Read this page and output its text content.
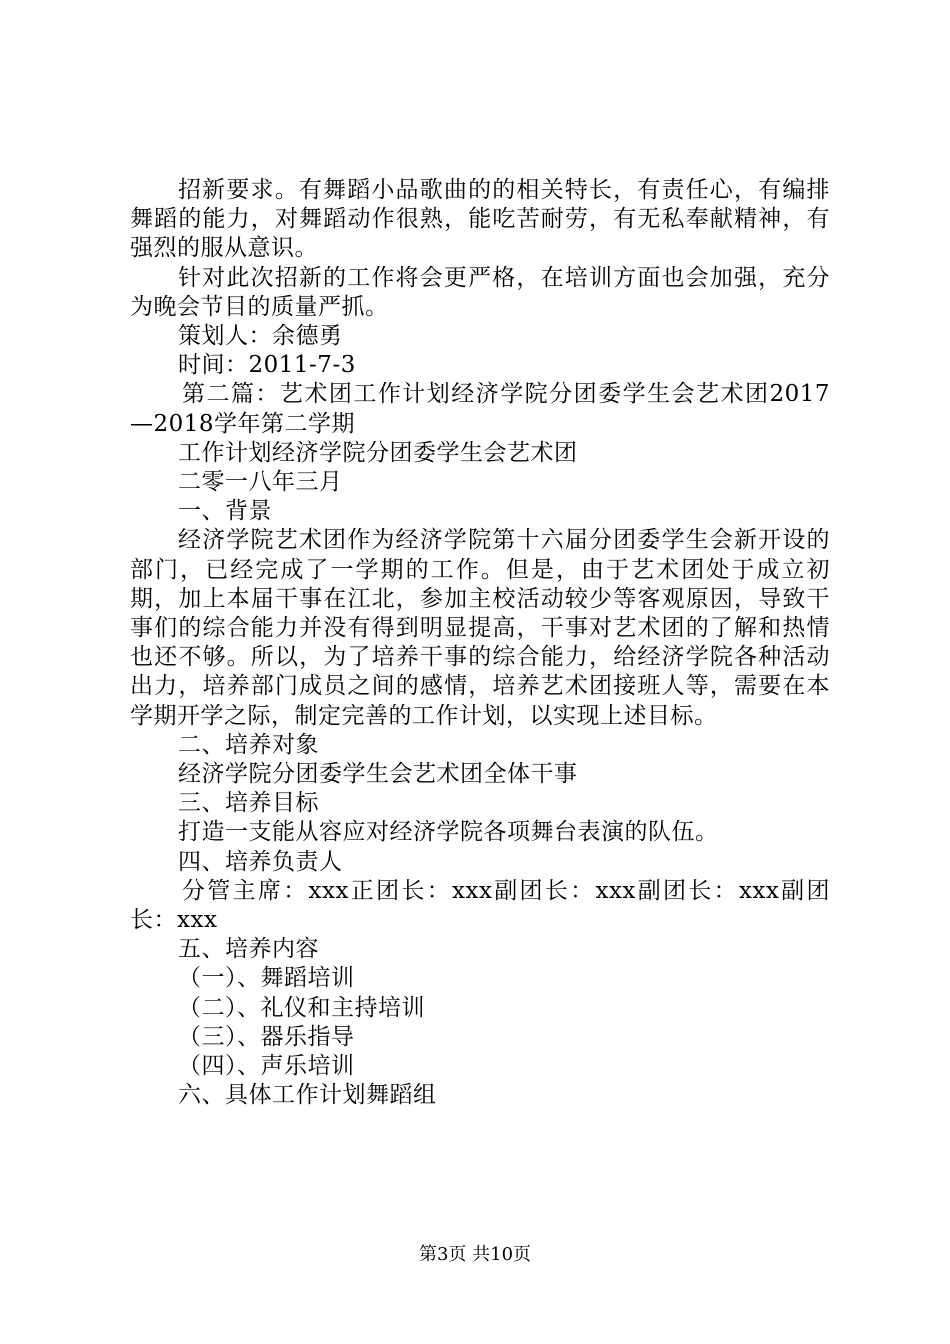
招新要求。有舞蹈小品歌曲的的相关特长，有责任心，有编排舞蹈的能力，对舞蹈动作很熟，能吃苦耐劳，有无私奉献精神，有强烈的服从意识。

针对此次招新的工作将会更严格，在培训方面也会加强，充分为晚会节目的质量严抓。

策划人：余德勇

时间：2011-7-3

第二篇：艺术团工作计划经济学院分团委学生会艺术团2017—2018学年第二学期

工作计划经济学院分团委学生会艺术团

二零一八年三月

一、背景

经济学院艺术团作为经济学院第十六届分团委学生会新开设的部门，已经完成了一学期的工作。但是，由于艺术团处于成立初期，加上本届干事在江北，参加主校活动较少等客观原因，导致干事们的综合能力并没有得到明显提高，干事对艺术团的了解和热情也还不够。所以，为了培养干事的综合能力，给经济学院各种活动出力，培养部门成员之间的感情，培养艺术团接班人等，需要在本学期开学之际，制定完善的工作计划，以实现上述目标。

二、培养对象

经济学院分团委学生会艺术团全体干事

三、培养目标

打造一支能从容应对经济学院各项舞台表演的队伍。

四、培养负责人

分管主席：xxx正团长：xxx副团长：xxx副团长：xxx副团长：xxx

五、培养内容

（一）、舞蹈培训

（二）、礼仪和主持培训

（三）、器乐指导

（四）、声乐培训

六、具体工作计划舞蹈组

第3页 共10页
